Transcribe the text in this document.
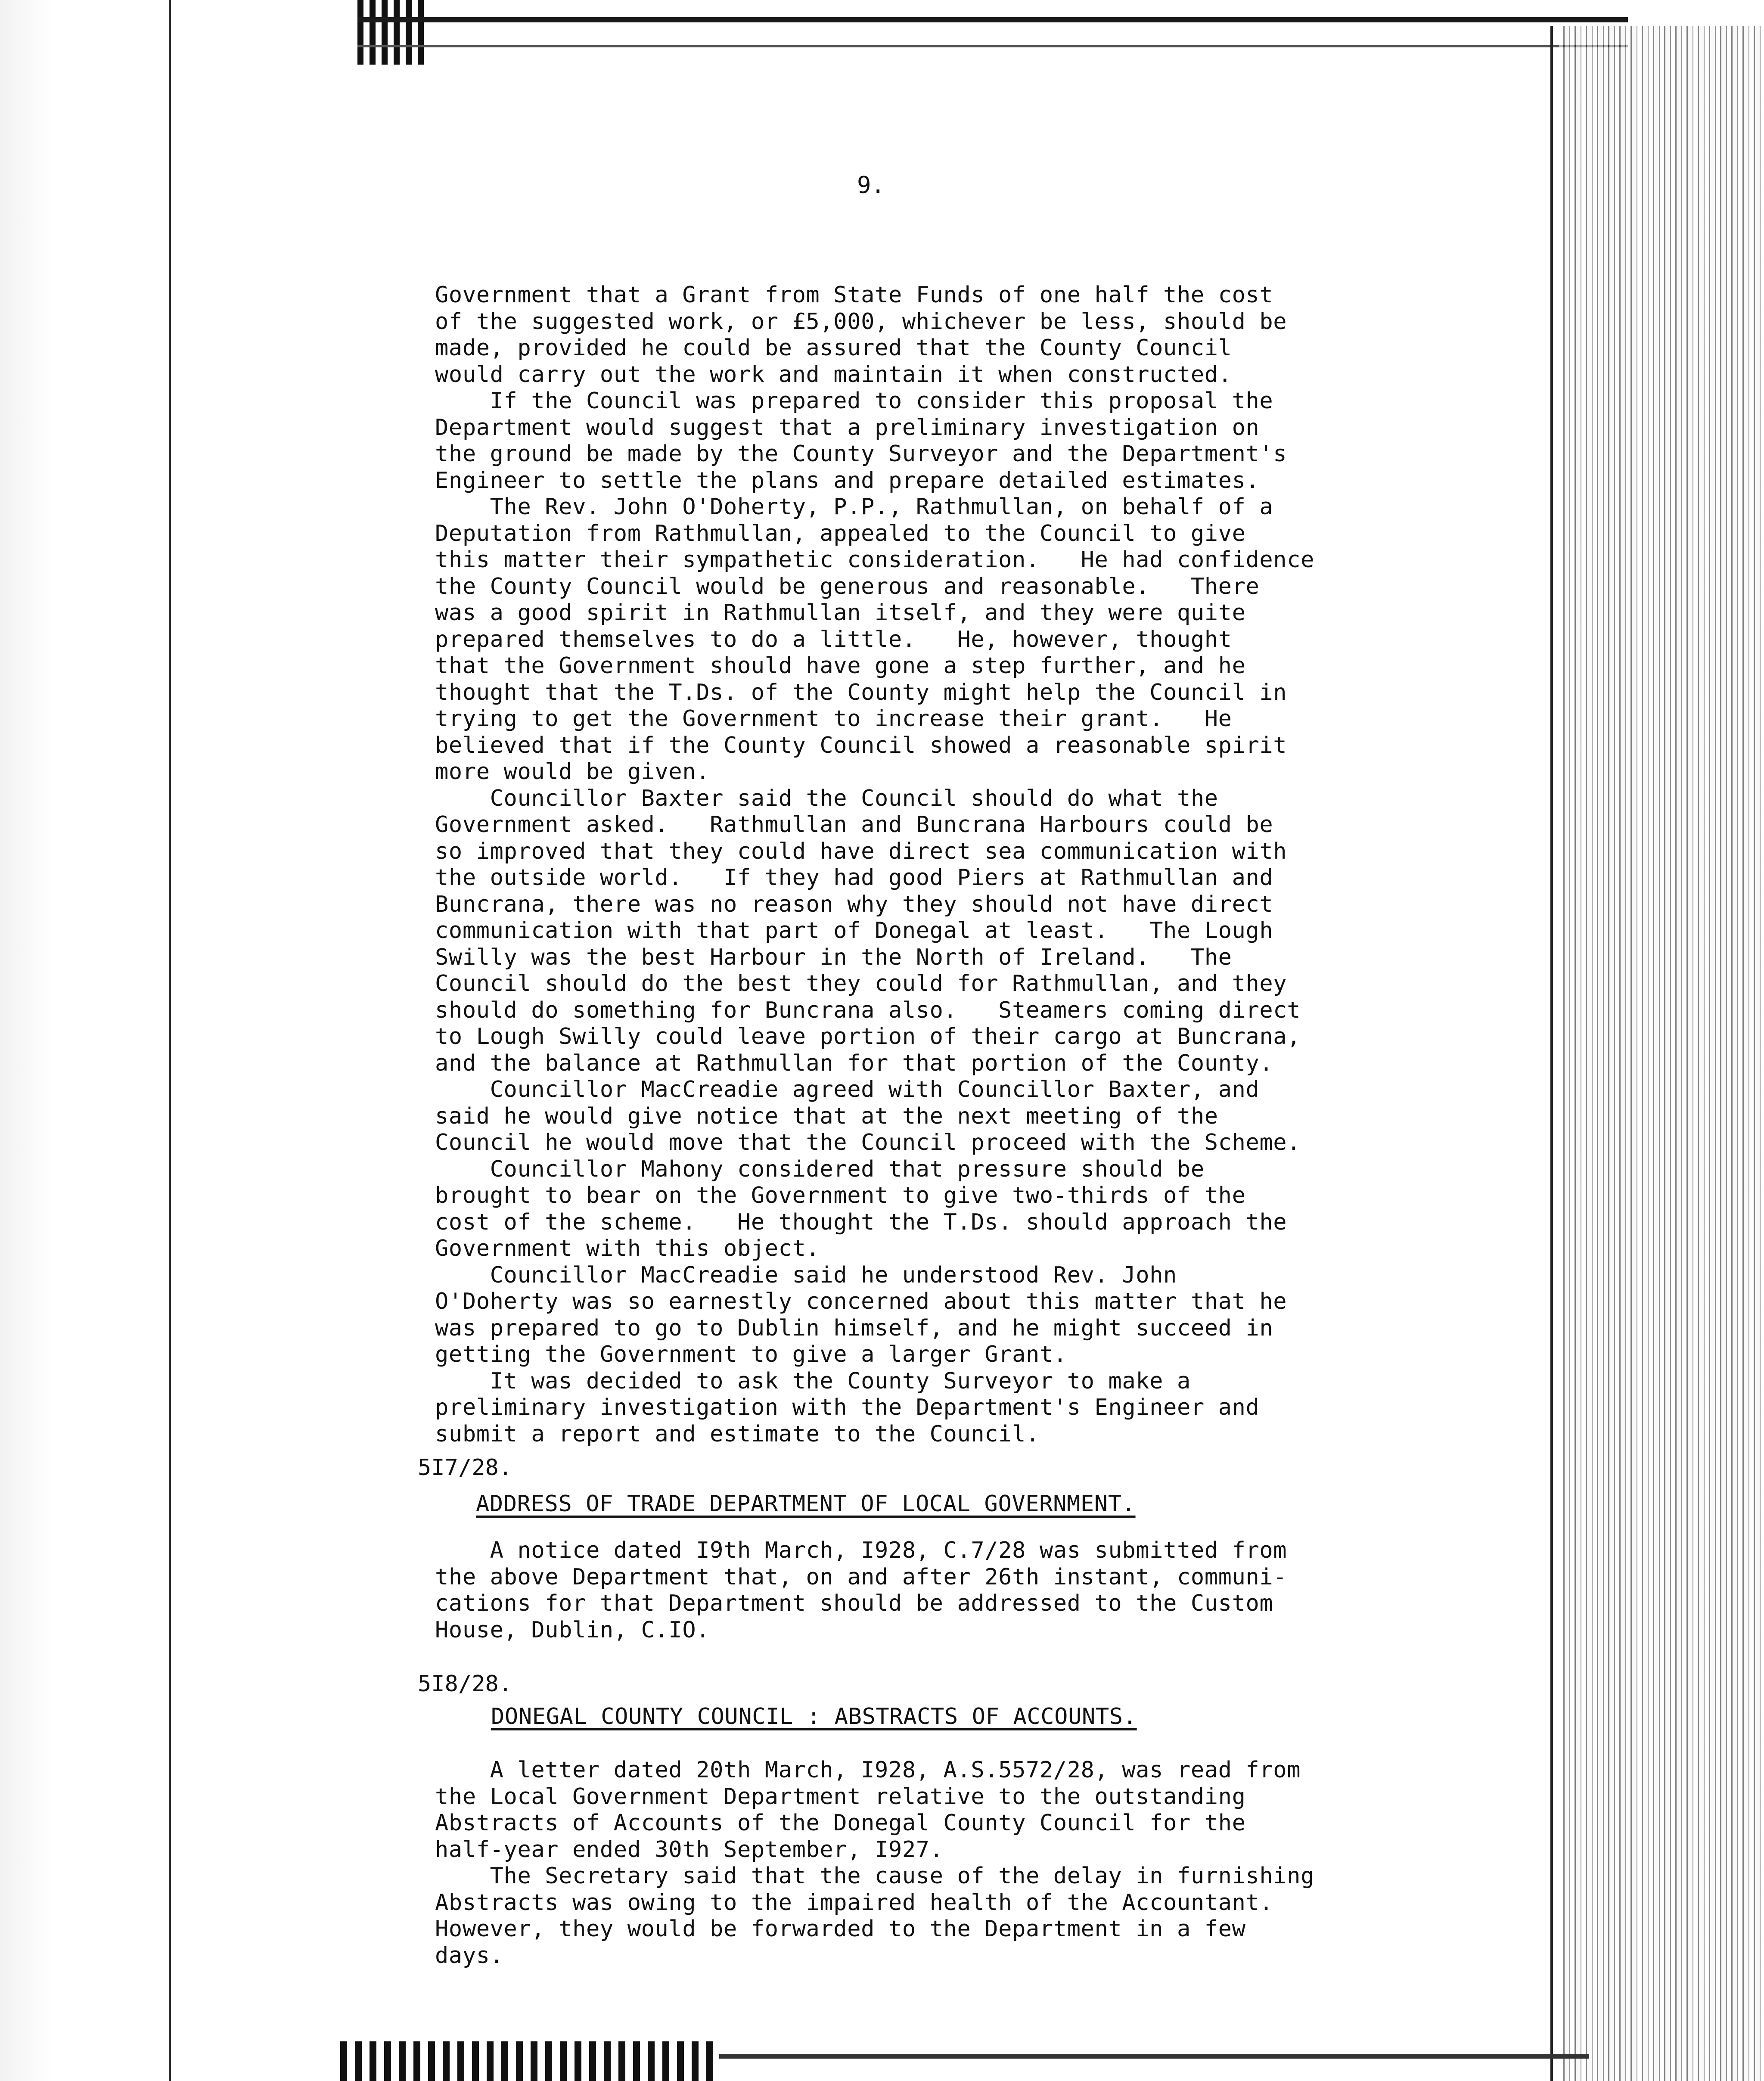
9.
Government that a Grant from State Funds of one half the cost
of the suggested work, or £5,000, whichever be less, should be
made, provided he could be assured that the County Council
would carry out the work and maintain it when constructed.
If the Council was prepared to consider this proposal the
Department would suggest that a preliminary investigation on
the ground be made by the County Surveyor and the Department's
Engineer to settle the plans and prepare detailed estimates.
The Rev. John O'Doherty, P.P., Rathmullan, on behalf of a
Deputation from Rathmullan, appealed to the Council to give
this matter their sympathetic consideration.   He had confidence
the County Council would be generous and reasonable.   There
was a good spirit in Rathmullan itself, and they were quite
prepared themselves to do a little.   He, however, thought
that the Government should have gone a step further, and he
thought that the T.Ds. of the County might help the Council in
trying to get the Government to increase their grant.   He
believed that if the County Council showed a reasonable spirit
more would be given.
Councillor Baxter said the Council should do what the
Government asked.   Rathmullan and Buncrana Harbours could be
so improved that they could have direct sea communication with
the outside world.   If they had good Piers at Rathmullan and
Buncrana, there was no reason why they should not have direct
communication with that part of Donegal at least.   The Lough
Swilly was the best Harbour in the North of Ireland.   The
Council should do the best they could for Rathmullan, and they
should do something for Buncrana also.   Steamers coming direct
to Lough Swilly could leave portion of their cargo at Buncrana,
and the balance at Rathmullan for that portion of the County.
Councillor MacCreadie agreed with Councillor Baxter, and
said he would give notice that at the next meeting of the
Council he would move that the Council proceed with the Scheme.
Councillor Mahony considered that pressure should be
brought to bear on the Government to give two-thirds of the
cost of the scheme.   He thought the T.Ds. should approach the
Government with this object.
Councillor MacCreadie said he understood Rev. John
O'Doherty was so earnestly concerned about this matter that he
was prepared to go to Dublin himself, and he might succeed in
getting the Government to give a larger Grant.
It was decided to ask the County Surveyor to make a
preliminary investigation with the Department's Engineer and
submit a report and estimate to the Council.
5I7/28.
ADDRESS OF TRADE DEPARTMENT OF LOCAL GOVERNMENT.
A notice dated I9th March, I928, C.7/28 was submitted from
the above Department that, on and after 26th instant, communi-
cations for that Department should be addressed to the Custom
House, Dublin, C.IO.
5I8/28.
DONEGAL COUNTY COUNCIL : ABSTRACTS OF ACCOUNTS.
A letter dated 20th March, I928, A.S.5572/28, was read from
the Local Government Department relative to the outstanding
Abstracts of Accounts of the Donegal County Council for the
half-year ended 30th September, I927.
The Secretary said that the cause of the delay in furnishing
Abstracts was owing to the impaired health of the Accountant.
However, they would be forwarded to the Department in a few
days.
